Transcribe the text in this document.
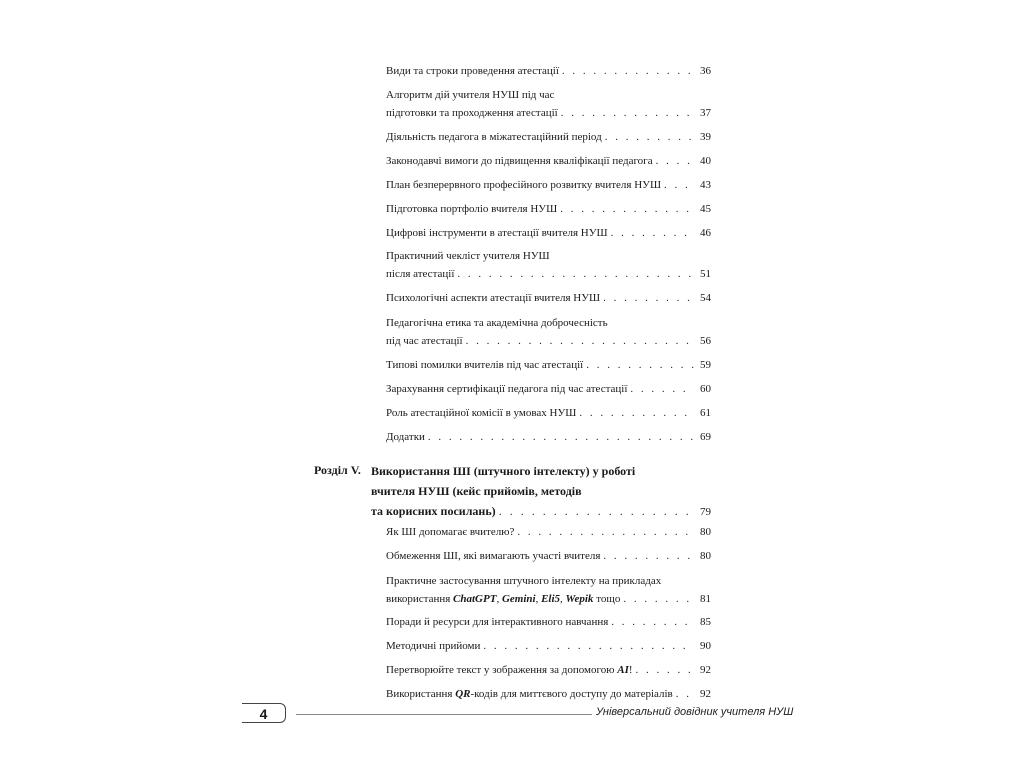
Види та строки проведення атестації . . .	36
Алгоритм дій учителя НУШ під час
підготовки та проходження атестації . . .	37
Діяльність педагога в міжатестаційний період . . .	39
Законодавчі вимоги до підвищення кваліфікації педагога . . .	40
План безперервного професійного розвитку вчителя НУШ . . .	43
Підготовка портфоліо вчителя НУШ . . .	45
Цифрові інструменти в атестації вчителя НУШ . . .	46
Практичний чекліст учителя НУШ
після атестації . . .	51
Психологічні аспекти атестації вчителя НУШ . . .	54
Педагогічна етика та академічна доброчесність
під час атестації . . .	56
Типові помилки вчителів під час атестації . . .	59
Зарахування сертифікації педагога під час атестації . . .	60
Роль атестаційної комісії в умовах НУШ . . .	61
Додатки . . .	69
Розділ V. Використання ШІ (штучного інтелекту) у роботі
вчителя НУШ (кейс прийомів, методів
та корисних посилань) . . .	79
Як ШІ допомагає вчителю? . . .	80
Обмеження ШІ, які вимагають участі вчителя . . .	80
Практичне застосування штучного інтелекту на прикладах
використання ChatGPT, Gemini, Eli5, Wepik тощо . . .	81
Поради й ресурси для інтерактивного навчання . . .	85
Методичні прийоми . . .	90
Перетворюйте текст у зображення за допомогою AI! . . .	92
Використання QR-кодів для миттєвого доступу до матеріалів . . . 92
4	Універсальний довідник учителя НУШ
